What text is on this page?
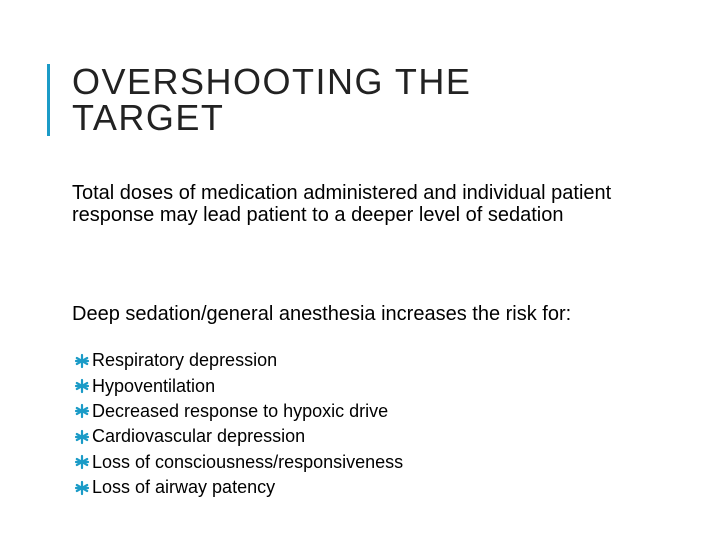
OVERSHOOTING THE
TARGET

Total doses of medication administered and individual patient response may lead patient to a deeper level of sedation

Deep sedation/general anesthesia increases the risk for:

Respiratory depression
Hypoventilation
Decreased response to hypoxic drive
Cardiovascular depression
Loss of consciousness/responsiveness
Loss of airway patency
